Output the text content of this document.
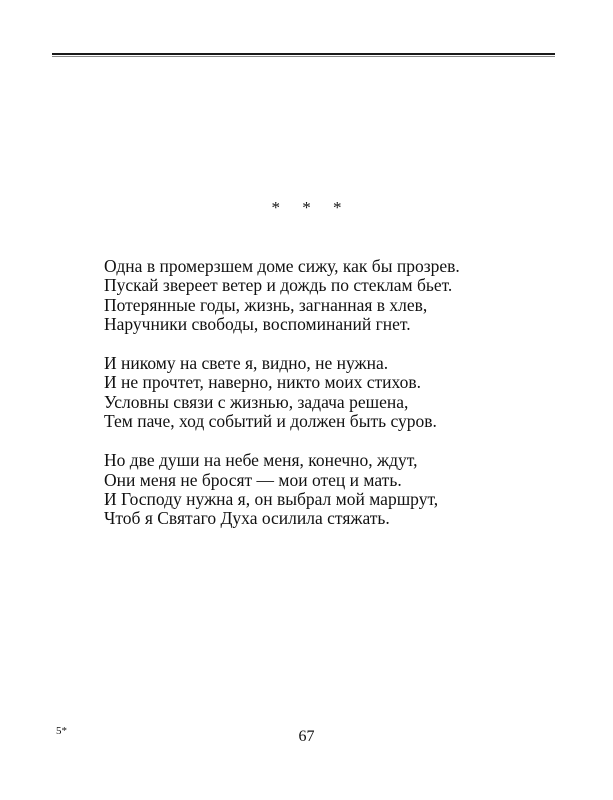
* * *
Одна в промерзшем доме сижу, как бы прозрев.
Пускай звереет ветер и дождь по стеклам бьет.
Потерянные годы, жизнь, загнанная в хлев,
Наручники свободы, воспоминаний гнет.
И никому на свете я, видно, не нужна.
И не прочтет, наверно, никто моих стихов.
Условны связи с жизнью, задача решена,
Тем паче, ход событий и должен быть суров.
Но две души на небе меня, конечно, ждут,
Они меня не бросят — мои отец и мать.
И Господу нужна я, он выбрал мой маршрут,
Чтоб я Святаго Духа осилила стяжать.
5*	67
